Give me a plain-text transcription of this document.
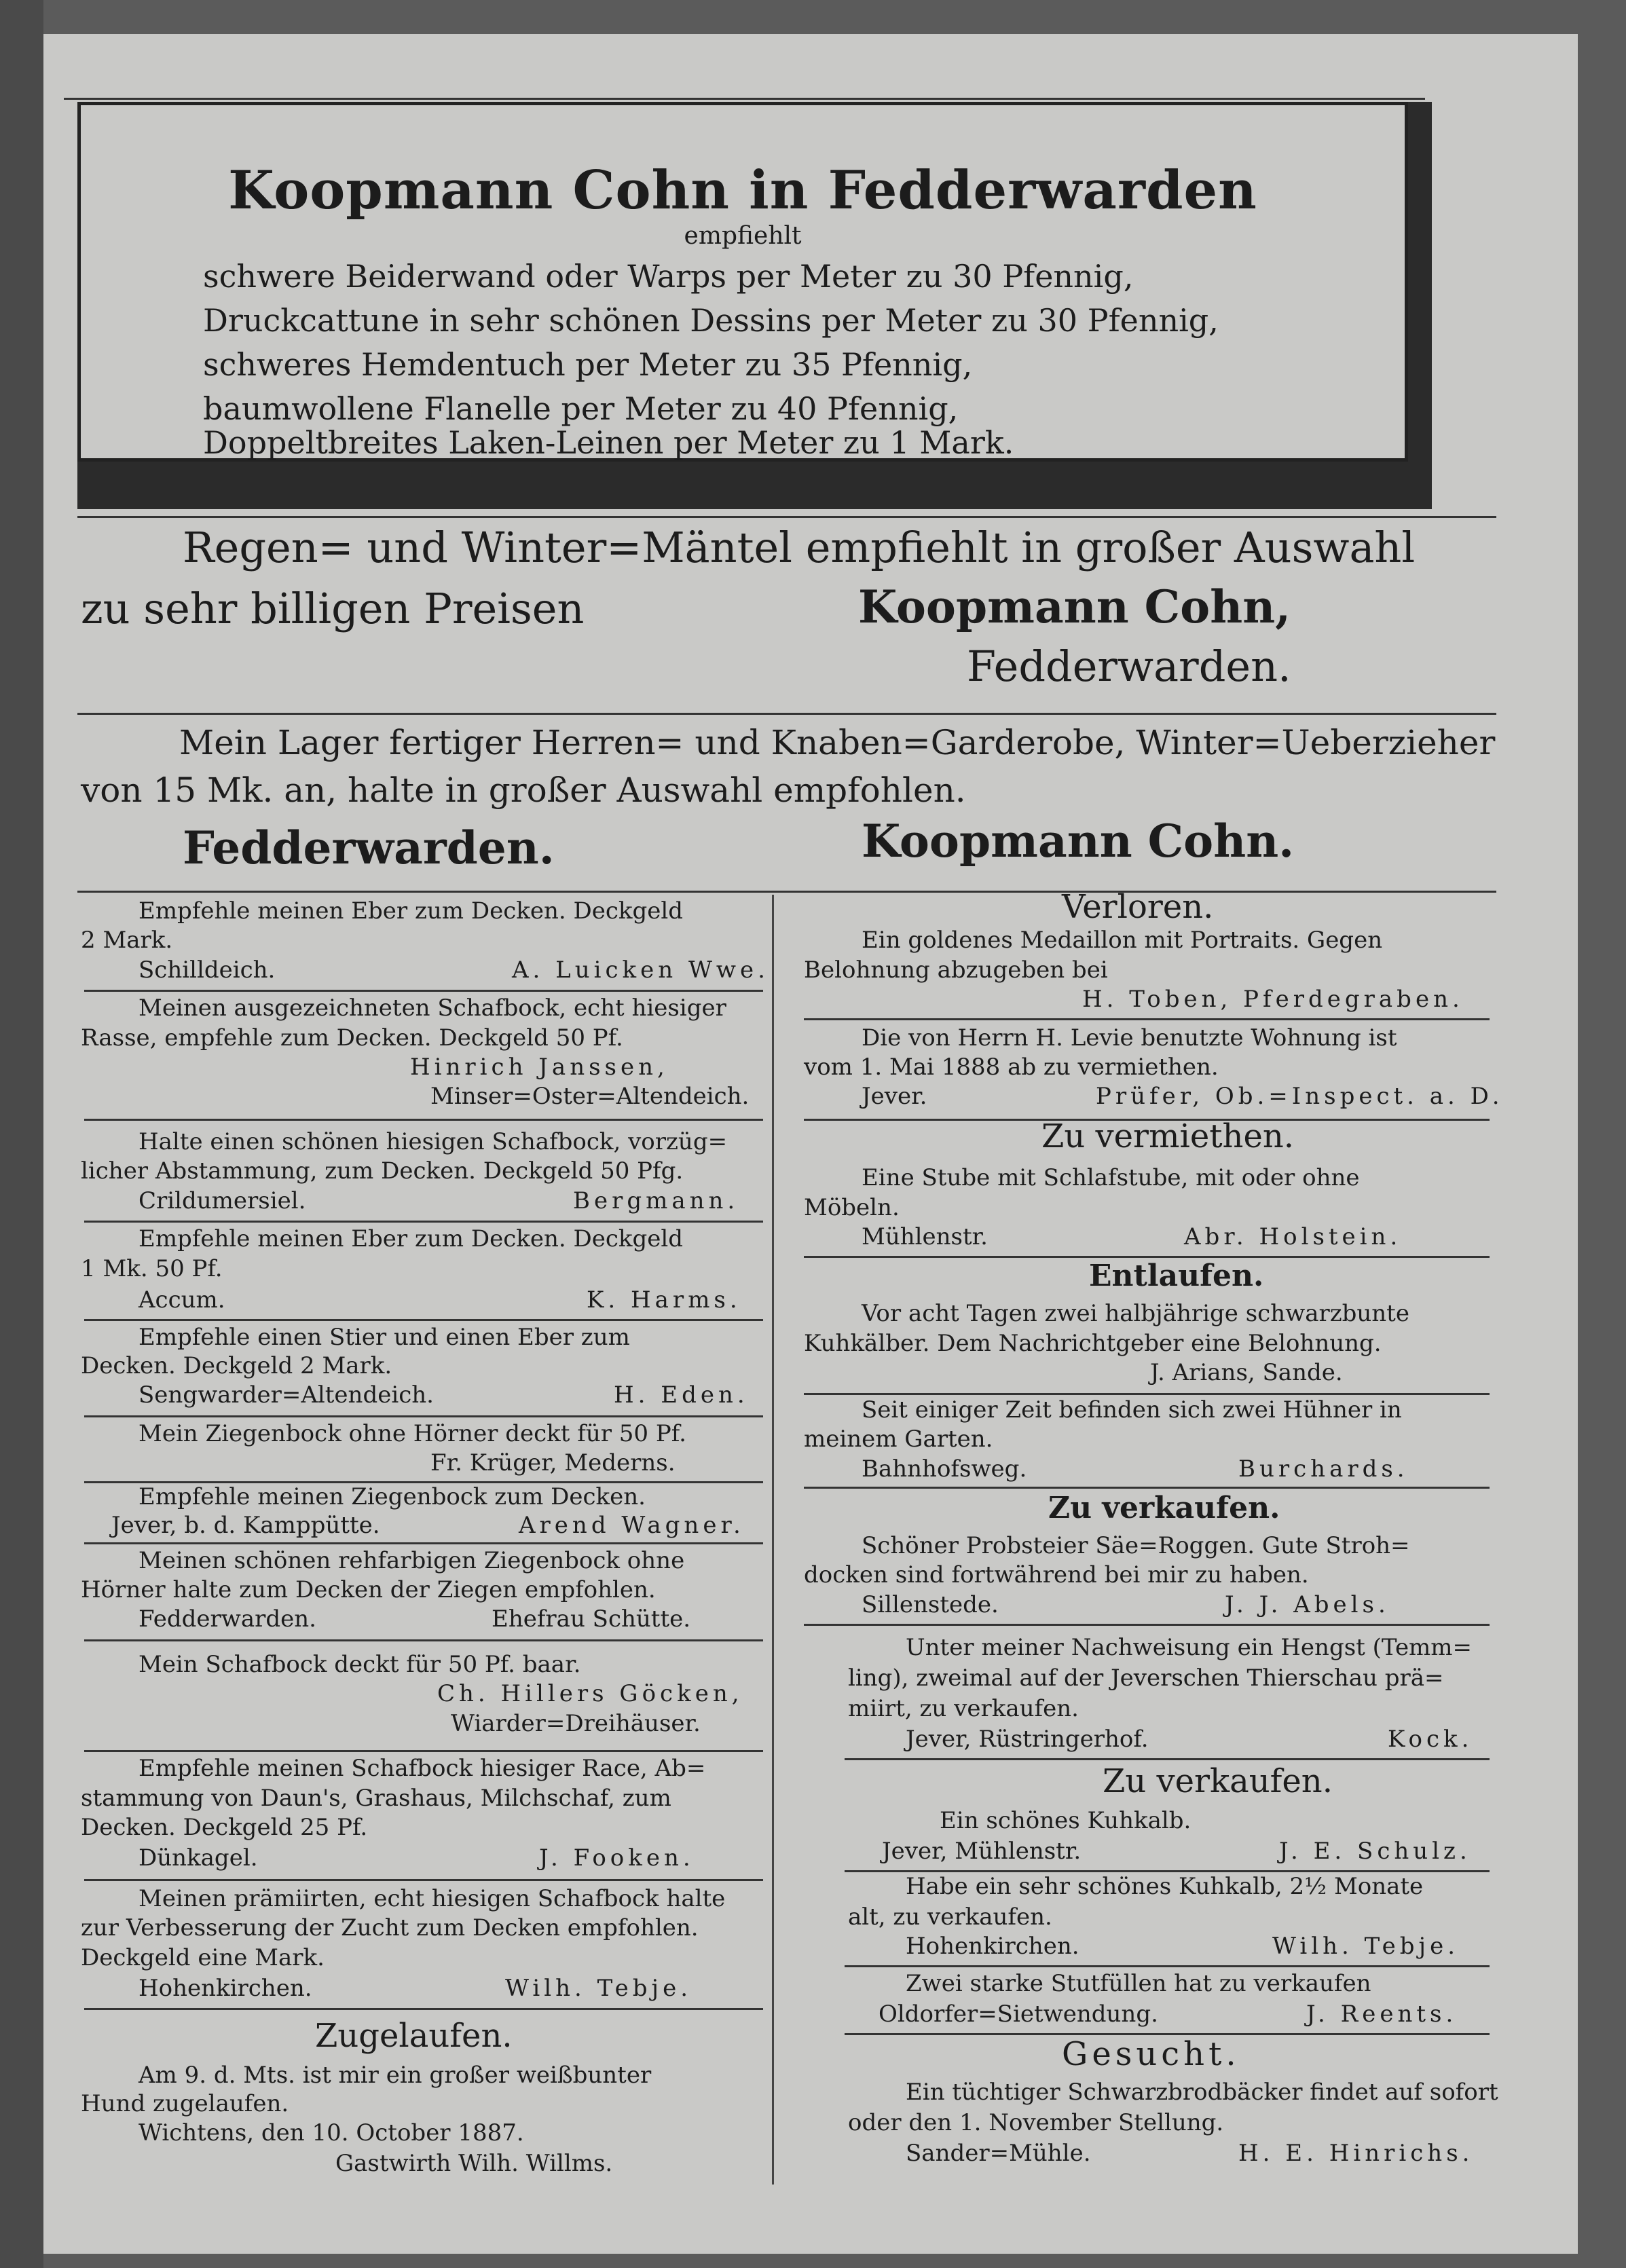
Koopmann Cohn in Fedderwarden
empfiehlt
schwere Beiderwand oder Warps per Meter zu 30 Pfennig,
Druckcattune in sehr schönen Dessins per Meter zu 30 Pfennig,
schweres Hemdentuch per Meter zu 35 Pfennig,
baumwollene Flanelle per Meter zu 40 Pfennig,
Doppeltbreites Laken-Leinen per Meter zu 1 Mark.
Regen= und Winter=Mäntel empfiehlt in großer Auswahl
zu sehr billigen Preisen	Koopmann Cohn,
Fedderwarden.
Mein Lager fertiger Herren= und Knaben=Garderobe, Winter=Ueberzieher
von 15 Mk. an, halte in großer Auswahl empfohlen.
Fedderwarden.	Koopmann Cohn.
Empfehle meinen Eber zum Decken. Deckgeld
2 Mark.
Schilldeich.	A. Luicken Wwe.
Meinen ausgezeichneten Schafbock, echt hiesiger
Rasse, empfehle zum Decken. Deckgeld 50 Pf.
Hinrich Janssen,
Minser=Oster=Altendeich.
Halte einen schönen hiesigen Schafbock, vorzüg=
licher Abstammung, zum Decken. Deckgeld 50 Pfg.
Crildumersiel.	Bergmann.
Empfehle meinen Eber zum Decken. Deckgeld
1 Mk. 50 Pf.
Accum.	K. Harms.
Empfehle einen Stier und einen Eber zum
Decken. Deckgeld 2 Mark.
Sengwarder=Altendeich.	H. Eden.
Mein Ziegenbock ohne Hörner deckt für 50 Pf.
Fr. Krüger, Mederns.
Empfehle meinen Ziegenbock zum Decken.
Jever, b. d. Kamppütte.	Arend Wagner.
Meinen schönen rehfarbigen Ziegenbock ohne
Hörner halte zum Decken der Ziegen empfohlen.
Fedderwarden.	Ehefrau Schütte.
Mein Schafbock deckt für 50 Pf. baar.
Ch. Hillers Göcken,
Wiarder=Dreihäuser.
Empfehle meinen Schafbock hiesiger Race, Ab=
stammung von Daun's, Grashaus, Milchschaf, zum
Decken. Deckgeld 25 Pf.
Dünkagel.	J. Fooken.
Meinen prämiirten, echt hiesigen Schafbock halte
zur Verbesserung der Zucht zum Decken empfohlen.
Deckgeld eine Mark.
Hohenkirchen.	Wilh. Tebje.
Zugelaufen.
Am 9. d. Mts. ist mir ein großer weißbunter
Hund zugelaufen.
Wichtens, den 10. October 1887.
Gastwirth Wilh. Willms.
Verloren.
Ein goldenes Medaillon mit Portraits. Gegen
Belohnung abzugeben bei
H. Toben, Pferdegraben.
Die von Herrn H. Levie benutzte Wohnung ist
vom 1. Mai 1888 ab zu vermiethen.
Jever.	Prüfer, Ob.=Inspect. a. D.
Zu vermiethen.
Eine Stube mit Schlafstube, mit oder ohne
Möbeln.
Mühlenstr.	Abr. Holstein.
Entlaufen.
Vor acht Tagen zwei halbjährige schwarzbunte
Kuhkälber. Dem Nachrichtgeber eine Belohnung.
J. Arians, Sande.
Seit einiger Zeit befinden sich zwei Hühner in
meinem Garten.
Bahnhofsweg.	Burchards.
Zu verkaufen.
Schöner Probsteier Säe=Roggen. Gute Stroh=
docken sind fortwährend bei mir zu haben.
Sillenstede.	J. J. Abels.
Unter meiner Nachweisung ein Hengst (Temm=
ling), zweimal auf der Jeverschen Thierschau prä=
miirt, zu verkaufen.
Jever, Rüstringerhof.	Kock.
Zu verkaufen.
Ein schönes Kuhkalb.
Jever, Mühlenstr.	J. E. Schulz.
Habe ein sehr schönes Kuhkalb, 2½ Monate
alt, zu verkaufen.
Hohenkirchen.	Wilh. Tebje.
Zwei starke Stutfüllen hat zu verkaufen
Oldorfer=Sietwendung.	J. Reents.
Gesucht.
Ein tüchtiger Schwarzbrodbäcker findet auf sofort
oder den 1. November Stellung.
Sander=Mühle.	H. E. Hinrichs.
